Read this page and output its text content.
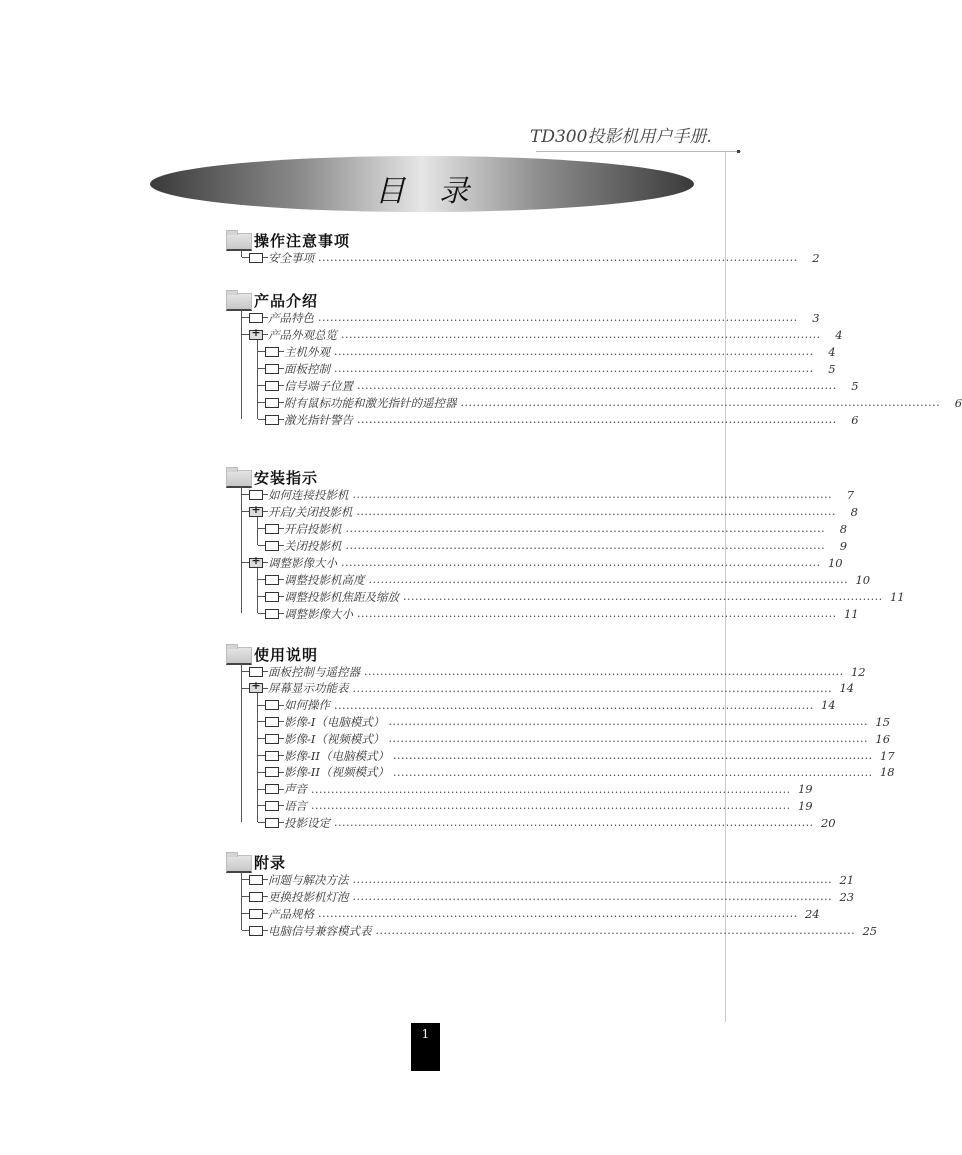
TD300投影机用户手册.
目录
操作注意事项
安全事项 ........................................................................................................................	2
产品介绍
产品特色 ........................................................................................................................	3
+
产品外观总览 ........................................................................................................................	4
主机外观 ........................................................................................................................	4
面板控制 ........................................................................................................................	5
信号端子位置 ........................................................................................................................	5
附有鼠标功能和激光指针的遥控器 ........................................................................................................................	6
激光指针警告 ........................................................................................................................	6
安装指示
如何连接投影机 ........................................................................................................................	7
+
开启/关闭投影机 ........................................................................................................................	8
开启投影机 ........................................................................................................................	8
关闭投影机 ........................................................................................................................	9
+
调整影像大小 ........................................................................................................................ 10
调整投影机高度 ........................................................................................................................ 10
调整投影机焦距及缩放 ........................................................................................................................ 11
调整影像大小 ........................................................................................................................ 11
使用说明
面板控制与遥控器 ........................................................................................................................ 12
+
屏幕显示功能表 ........................................................................................................................ 14
如何操作 ........................................................................................................................ 14
影像-I（电脑模式） ........................................................................................................................ 15
影像-I（视频模式） ........................................................................................................................ 16
影像-II（电脑模式） ........................................................................................................................ 17
影像-II（视频模式） ........................................................................................................................ 18
声音 ........................................................................................................................ 19
语言 ........................................................................................................................ 19
投影设定 ........................................................................................................................ 20
附录
问题与解决方法 ........................................................................................................................ 21
更换投影机灯泡 ........................................................................................................................ 23
产品规格 ........................................................................................................................ 24
电脑信号兼容模式表 ........................................................................................................................ 25
1
